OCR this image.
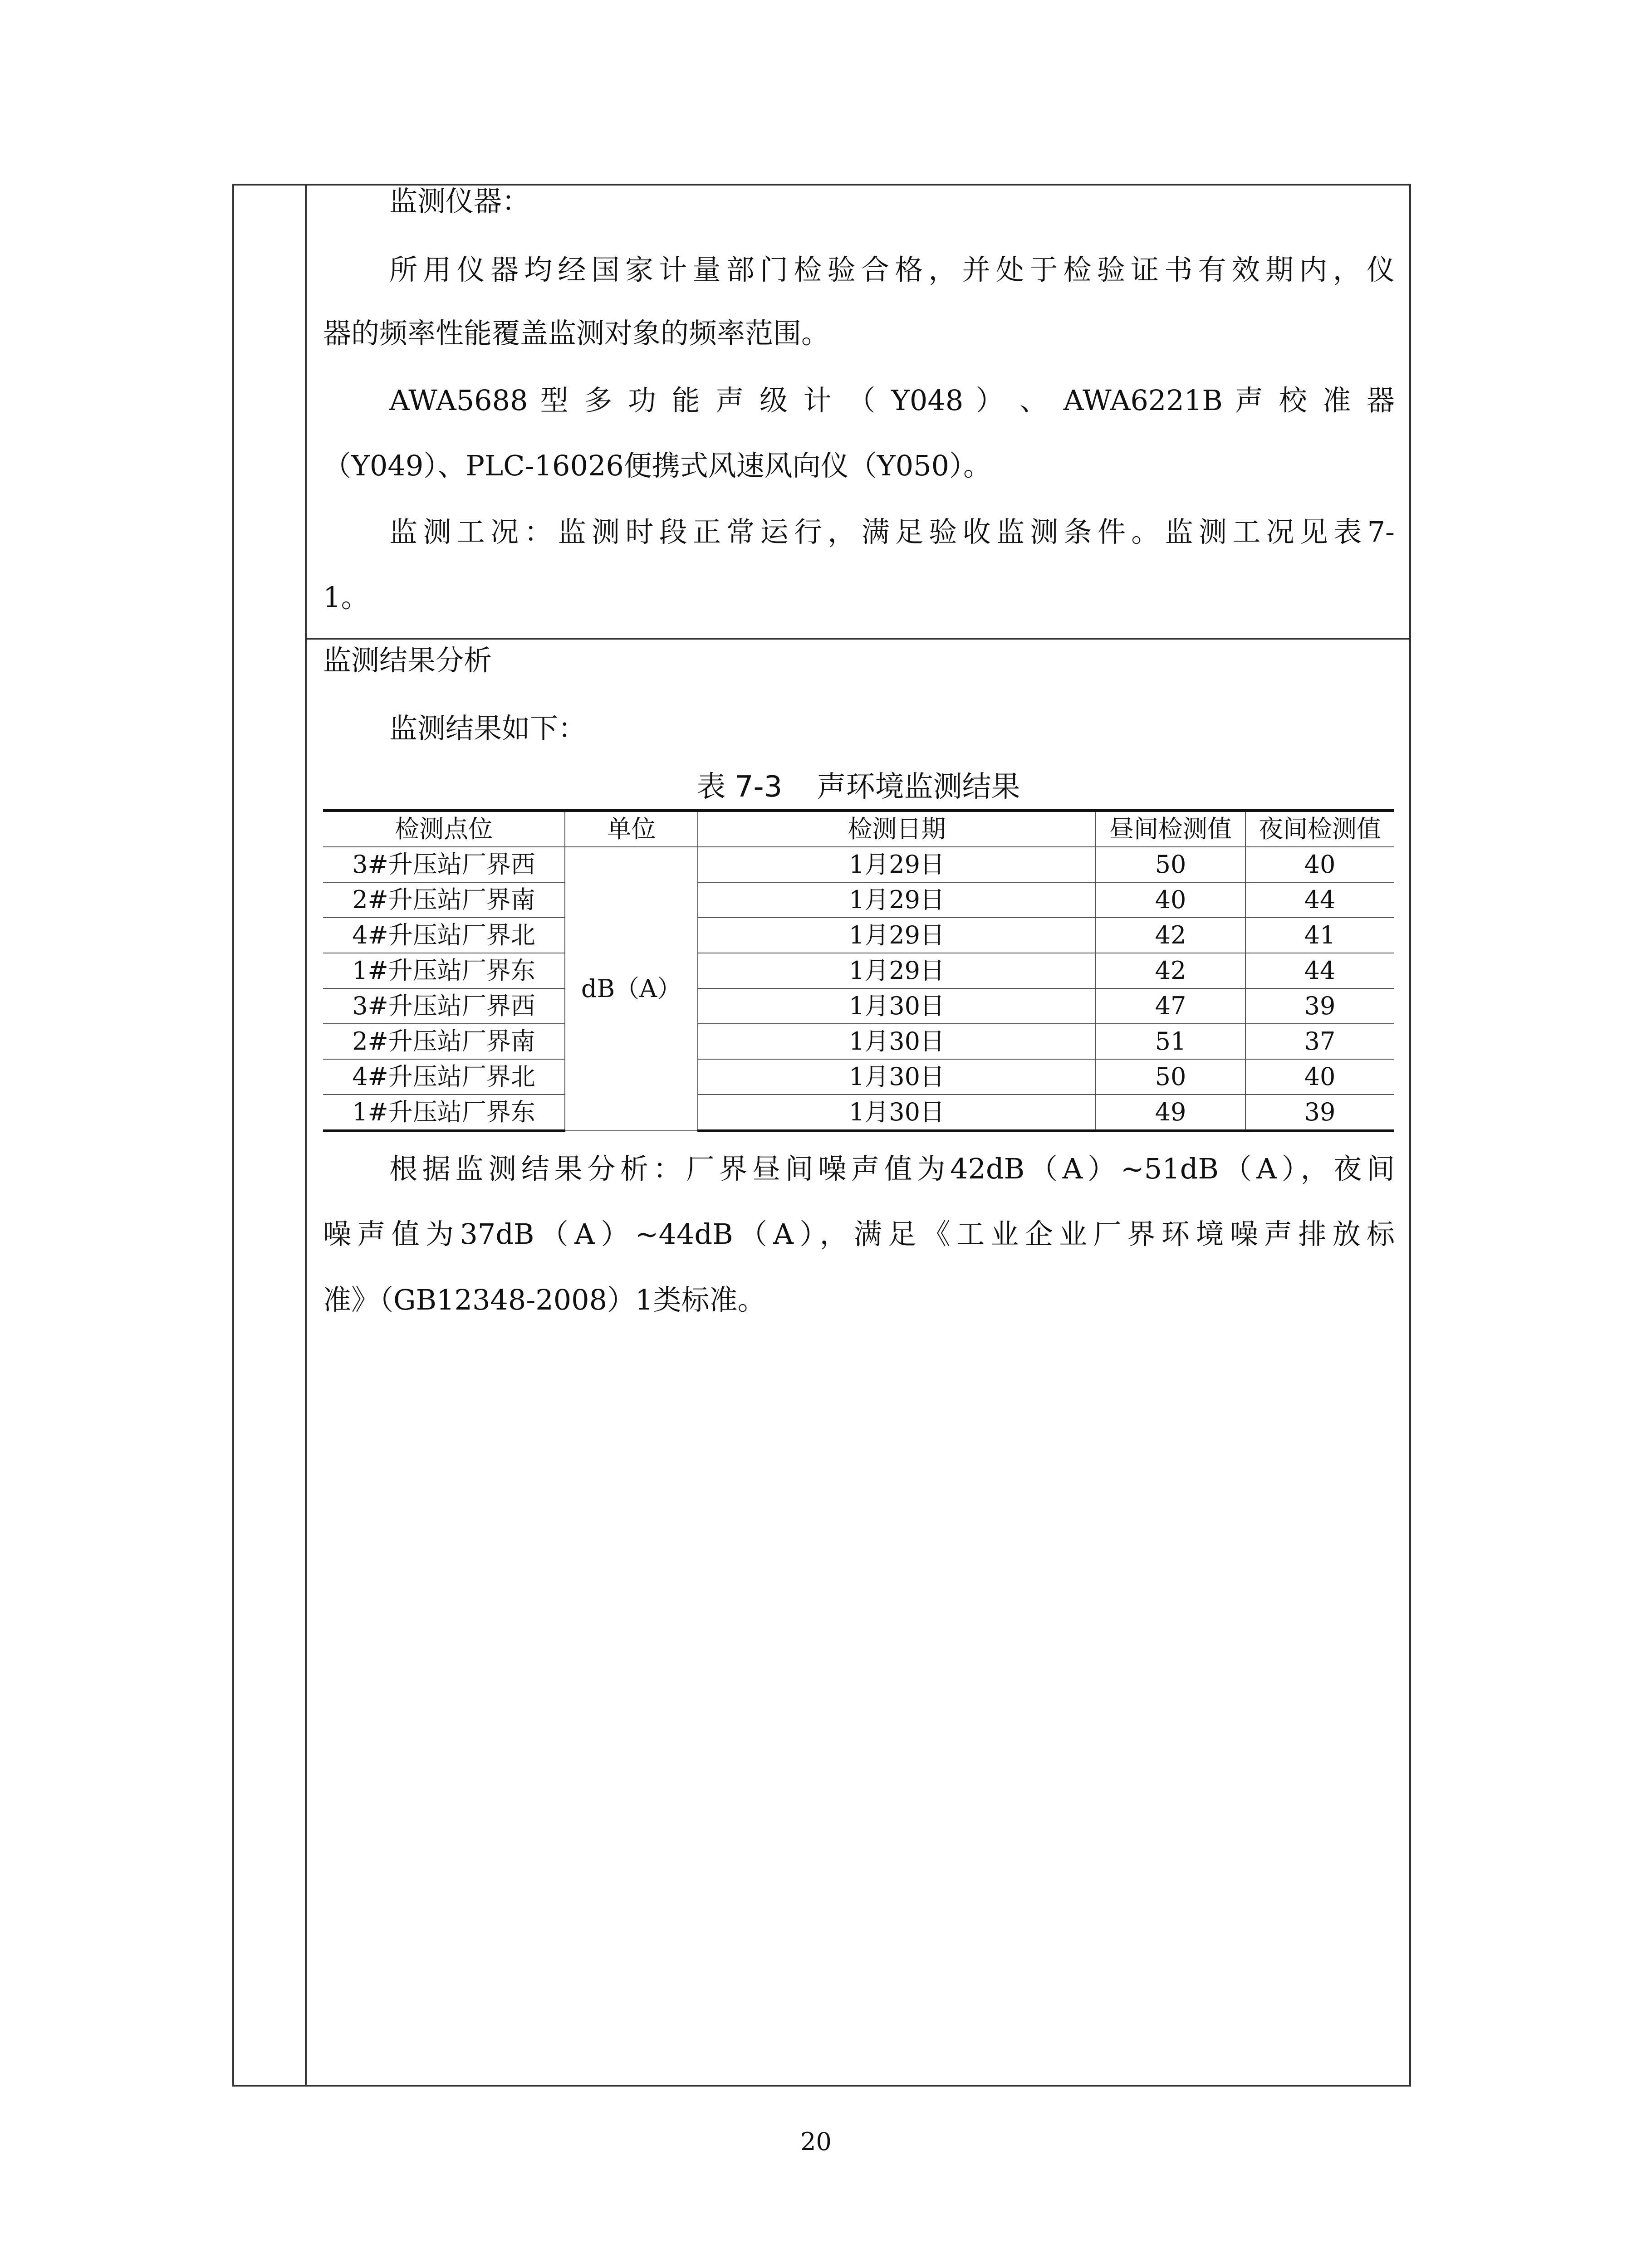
监测仪器：
所用仪器均经国家计量部门检验合格，并处于检验证书有效期内，仪
器的频率性能覆盖监测对象的频率范围。
AWA5688 型 多 功 能 声 级 计 （ Y048 ） 、 AWA6221B 声 校 准 器
（Y049）、PLC-16026便携式风速风向仪（Y050）。
监测工况：监测时段正常运行，满足验收监测条件。监测工况见表7-
1。
监测结果分析
监测结果如下：
表 7-3 声环境监测结果
检测点位	单位	检测日期	昼间检测值	夜间检测值
3#升压站厂界西	dB（A）	1月29日	50	40
2#升压站厂界南		1月29日	40	44
4#升压站厂界北		1月29日	42	41
1#升压站厂界东		1月29日	42	44
3#升压站厂界西		1月30日	47	39
2#升压站厂界南		1月30日	51	37
4#升压站厂界北		1月30日	50	40
1#升压站厂界东		1月30日	49	39
根据监测结果分析：厂界昼间噪声值为42dB（A）~51dB（A），夜间
噪声值为37dB（A）~44dB（A），满足《工业企业厂界环境噪声排放标
准》（GB12348-2008）1类标准。
20
